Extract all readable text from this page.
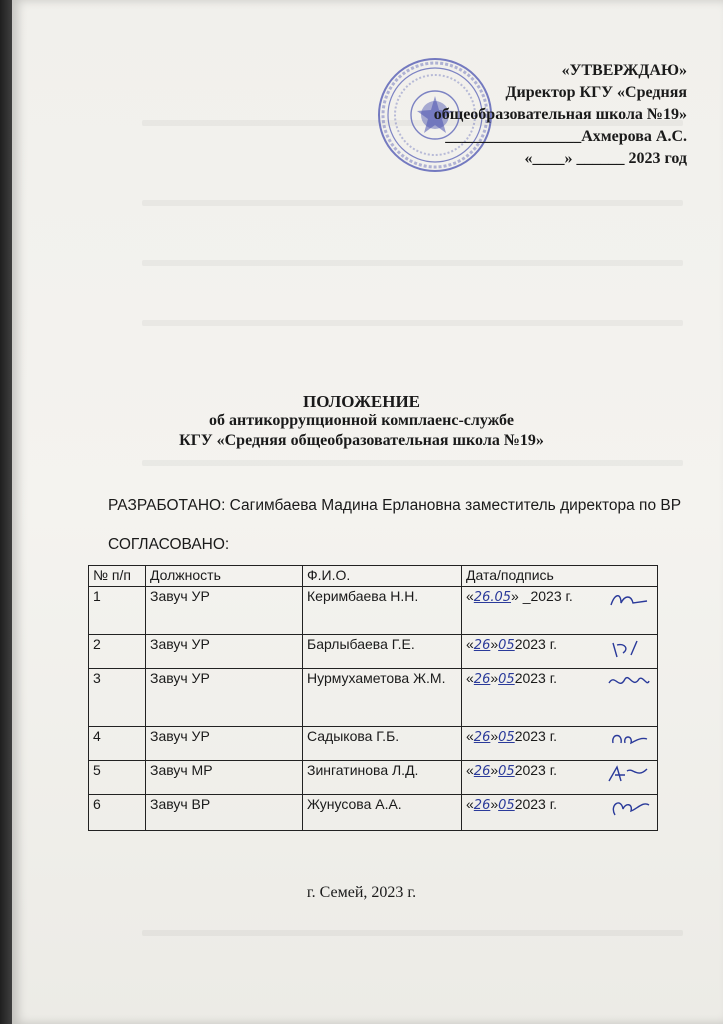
«УТВЕРЖДАЮ»
Директор КГУ «Средняя
общеобразовательная школа №19»
_________________Ахмерова А.С.
«____» ______ 2023 год
ПОЛОЖЕНИЕ
об антикоррупционной комплаенс-службе
КГУ «Средняя общеобразовательная школа №19»
РАЗРАБОТАНО: Сагимбаева Мадина Ерлановна заместитель директора по ВР
СОГЛАСОВАНО:
№ п/п	Должность	Ф.И.О.	Дата/подпись
1	Завуч УР	Керимбаева Н.Н.	«26.05» _2023 г.

2	Завуч УР	Барлыбаева Г.Е.	«26»052023 г.

3	Завуч УР	Нурмухаметова Ж.М.	«26»052023 г.

4	Завуч УР	Садыкова Г.Б.	«26»052023 г.

5	Завуч МР	Зингатинова Л.Д.	«26»052023 г.

6	Завуч ВР	Жунусова А.А.	«26»052023 г.
г. Семей, 2023 г.
